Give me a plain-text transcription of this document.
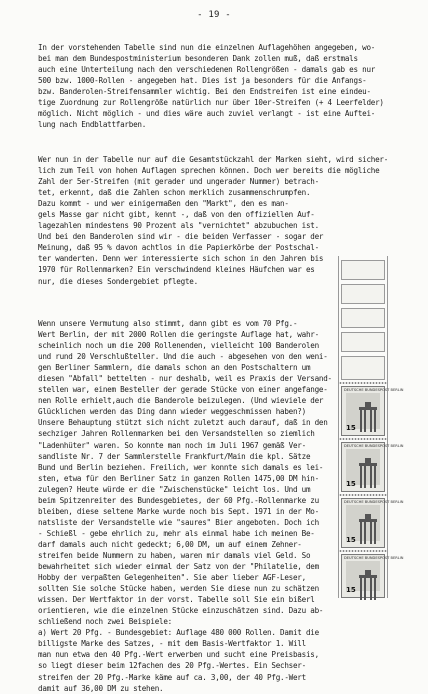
- 19 -
In der vorstehenden Tabelle sind nun die einzelnen Auflagehöhen angegeben, wo-
bei man dem Bundespostministerium besonderen Dank zollen muß, daß erstmals
auch eine Unterteilung nach den verschiedenen Rollengrößen - damals gab es nur
500 bzw. 1000-Rollen - angegeben hat. Dies ist ja besonders für die Anfangs-
bzw. Banderolen-Streifensammler wichtig. Bei den Endstreifen ist eine eindeu-
tige Zuordnung zur Rollengröße natürlich nur über 10er-Streifen (+ 4 Leerfelder)
möglich. Nicht möglich - und dies wäre auch zuviel verlangt - ist eine Auftei-
lung nach Endblattfarben.
Wer nun in der Tabelle nur auf die Gesamtstückzahl der Marken sieht, wird sicher-
lich zum Teil von hohen Auflagen sprechen können. Doch wer bereits die mögliche
Zahl der 5er-Streifen (mit gerader und ungerader Nummer) betrach-
tet, erkennt, daß die Zahlen schon merklich zusammenschrumpfen.
Dazu kommt - und wer einigermaßen den "Markt", den es man-
gels Masse gar nicht gibt, kennt -, daß von den offiziellen Auf-
lagezahlen mindestens 90 Prozent als "vernichtet" abzubuchen ist.
Und bei den Banderolen sind wir - die beiden Verfasser - sogar der
Meinung, daß 95 % davon achtlos in die Papierkörbe der Postschal-
ter wanderten. Denn wer interessierte sich schon in den Jahren bis
1970 für Rollenmarken? Ein verschwindend kleines Häufchen war es
nur, die dieses Sondergebiet pflegte.
Wenn unsere Vermutung also stimmt, dann gibt es vom 70 Pfg.-
Wert Berlin, der mit 2000 Rollen die geringste Auflage hat, wahr-
scheinlich noch um die 200 Rollenenden, vielleicht 100 Banderolen
und rund 20 Verschlußteller. Und die auch - abgesehen von den weni-
gen Berliner Sammlern, die damals schon an den Postschaltern um
diesen "Abfall" bettelten - nur deshalb, weil es Praxis der Versand-
stellen war, einem Besteller der gerade Stücke von einer angefange-
nen Rolle erhielt,auch die Banderole beizulegen. (Und wieviele der
Glücklichen werden das Ding dann wieder weggeschmissen haben?)
Unsere Behauptung stützt sich nicht zuletzt auch darauf, daß in den
sechziger Jahren Rollenmarken bei den Versandstellen so ziemlich
"Ladenhüter" waren. So konnte man noch im Juli 1967 gemäß Ver-
sandliste Nr. 7 der Sammlerstelle Frankfurt/Main die kpl. Sätze
Bund und Berlin beziehen. Freilich, wer konnte sich damals es lei-
sten, etwa für den Berliner Satz in ganzen Rollen 1475,00 DM hin-
zulegen? Heute würde er die "Zwischenstücke" leicht los. Und um
beim Spitzenreiter des Bundesgebietes, der 60 Pfg.-Rollenmarke zu
bleiben, diese seltene Marke wurde noch bis Sept. 1971 in der Mo-
natsliste der Versandstelle wie "saures" Bier angeboten. Doch ich
- Schießl - gebe ehrlich zu, mehr als einmal habe ich meinen Be-
darf damals auch nicht gedeckt; 6,00 DM, um auf einem Zehner-
streifen beide Nummern zu haben, waren mir damals viel Geld. So
bewahrheitet sich wieder einmal der Satz von der "Philatelie, dem
Hobby der verpaßten Gelegenheiten". Sie aber lieber AGF-Leser,
sollten Sie solche Stücke haben, werden Sie diese nun zu schätzen
wissen. Der Wertfaktor in der vorst. Tabelle soll Sie ein bißerl
orientieren, wie die einzelnen Stücke einzuschätzen sind. Dazu ab-
schließend noch zwei Beispiele:
a) Wert 20 Pfg. - Bundesgebiet: Auflage 480 000 Rollen. Damit die
billigste Marke des Satzes, - mit dem Basis-Wertfaktor 1. Will
man nun etwa den 40 Pfg.-Wert erwerben und sucht eine Preisbasis,
so liegt dieser beim 12fachen des 20 Pfg.-Wertes. Ein Sechser-
streifen der 20 Pfg.-Marke käme auf ca. 3,00, der 40 Pfg.-Wert
damit auf 36,00 DM zu stehen.
DEUTSCHE BUNDESPOST BERLIN
15
DEUTSCHE BUNDESPOST BERLIN
15
DEUTSCHE BUNDESPOST BERLIN
15
DEUTSCHE BUNDESPOST BERLIN
15
